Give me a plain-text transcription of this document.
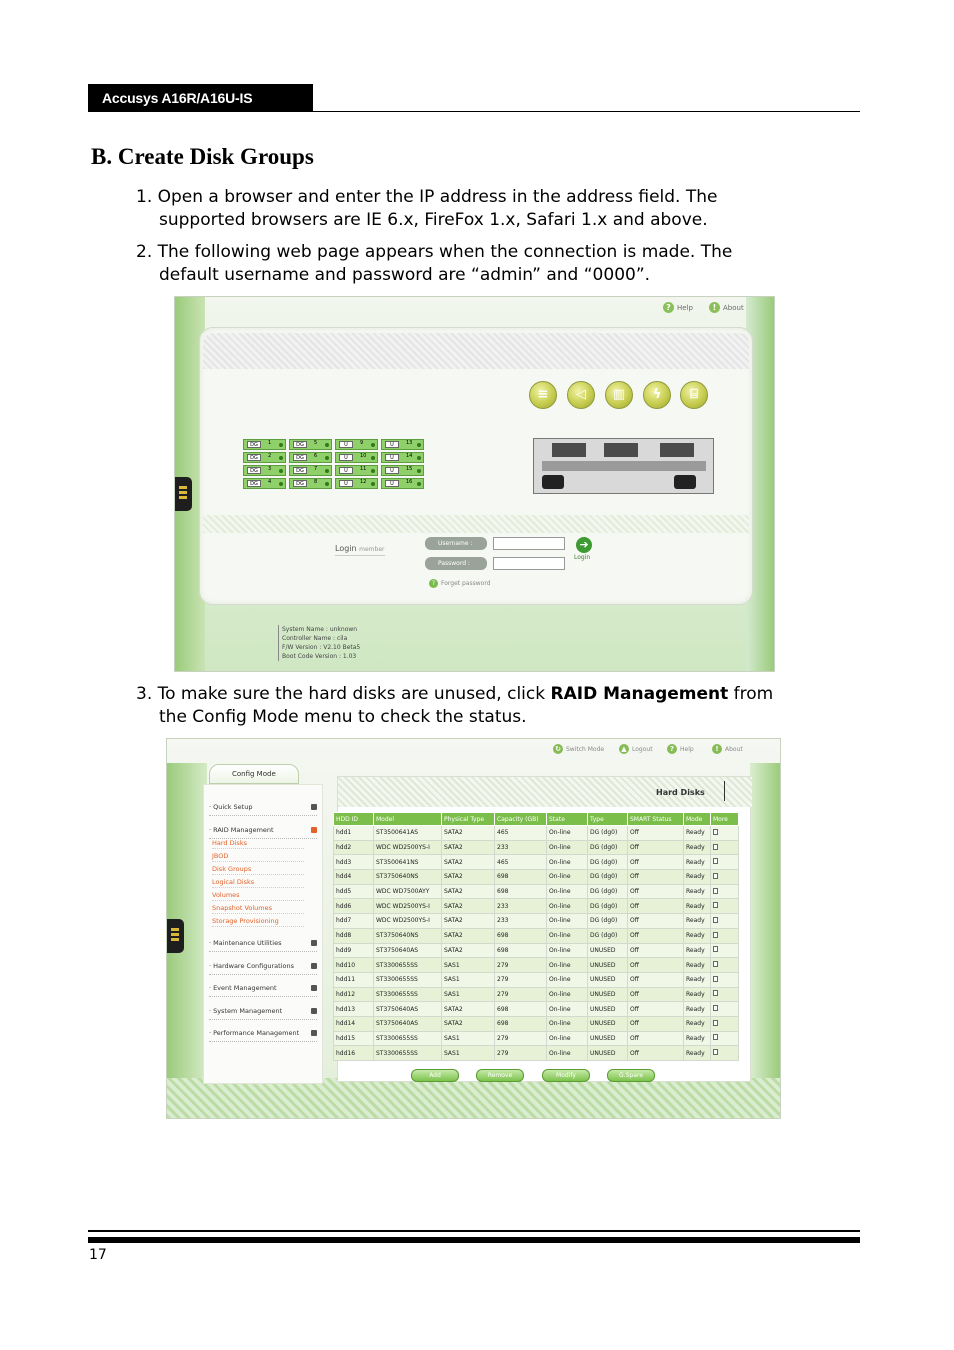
Accusys A16R/A16U-IS
B. Create Disk Groups
1. Open a browser and enter the IP address in the address field. The
supported browsers are IE 6.x, FireFox 1.x, Safari 1.x and above.
2. The following web page appears when the connection is made. The
default username and password are “admin” and “0000”.
? Help	! About
≡	◁	▥	ϟ	⌸
DG	1
DG	2
DG	3
DG	4
DG	5
DG	6
DG	7
DG	8
U	9
U	10
U	11
U	12
U	13
U	14
U	15
U	16
Login member
Username :
Password :
➔
Login
? Forget password
System Name : unknown
Controller Name : cila
F/W Version : V2.10 Beta5
Boot Code Version : 1.03
3. To make sure the hard disks are unused, click RAID Management from
the Config Mode menu to check the status.
↻ Switch Mode	▲ Logout	? Help	!	About
Config Mode
· Quick Setup
· RAID Management
Hard Disks
JBOD
Disk Groups
Logical Disks
Volumes
Snapshot Volumes
Storage Provisioning
· Maintenance Utilities
· Hardware Configurations
· Event Management
· System Management
· Performance Management
Hard Disks
HDD ID	Model	Physical Type	Capacity (GB)	State	Type	SMART Status	Mode	More
hdd1	ST3500641AS	SATA2	465	On-line	DG (dg0)	Off	Ready	
hdd2	WDC WD2500YS-I	SATA2	233	On-line	DG (dg0)	Off	Ready	
hdd3	ST3500641NS	SATA2	465	On-line	DG (dg0)	Off	Ready	
hdd4	ST3750640NS	SATA2	698	On-line	DG (dg0)	Off	Ready	
hdd5	WDC WD7500AYY	SATA2	698	On-line	DG (dg0)	Off	Ready	
hdd6	WDC WD2500YS-I	SATA2	233	On-line	DG (dg0)	Off	Ready	
hdd7	WDC WD2500YS-I	SATA2	233	On-line	DG (dg0)	Off	Ready	
hdd8	ST3750640NS	SATA2	698	On-line	DG (dg0)	Off	Ready	
hdd9	ST3750640AS	SATA2	698	On-line	UNUSED	Off	Ready	
hdd10	ST3300655SS	SAS1	279	On-line	UNUSED	Off	Ready	
hdd11	ST3300655SS	SAS1	279	On-line	UNUSED	Off	Ready	
hdd12	ST3300655SS	SAS1	279	On-line	UNUSED	Off	Ready	
hdd13	ST3750640AS	SATA2	698	On-line	UNUSED	Off	Ready	
hdd14	ST3750640AS	SATA2	698	On-line	UNUSED	Off	Ready	
hdd15	ST3300655SS	SAS1	279	On-line	UNUSED	Off	Ready	
hdd16	ST3300655SS	SAS1	279	On-line	UNUSED	Off	Ready	
Add	Remove	Modify	G.Spare
17
